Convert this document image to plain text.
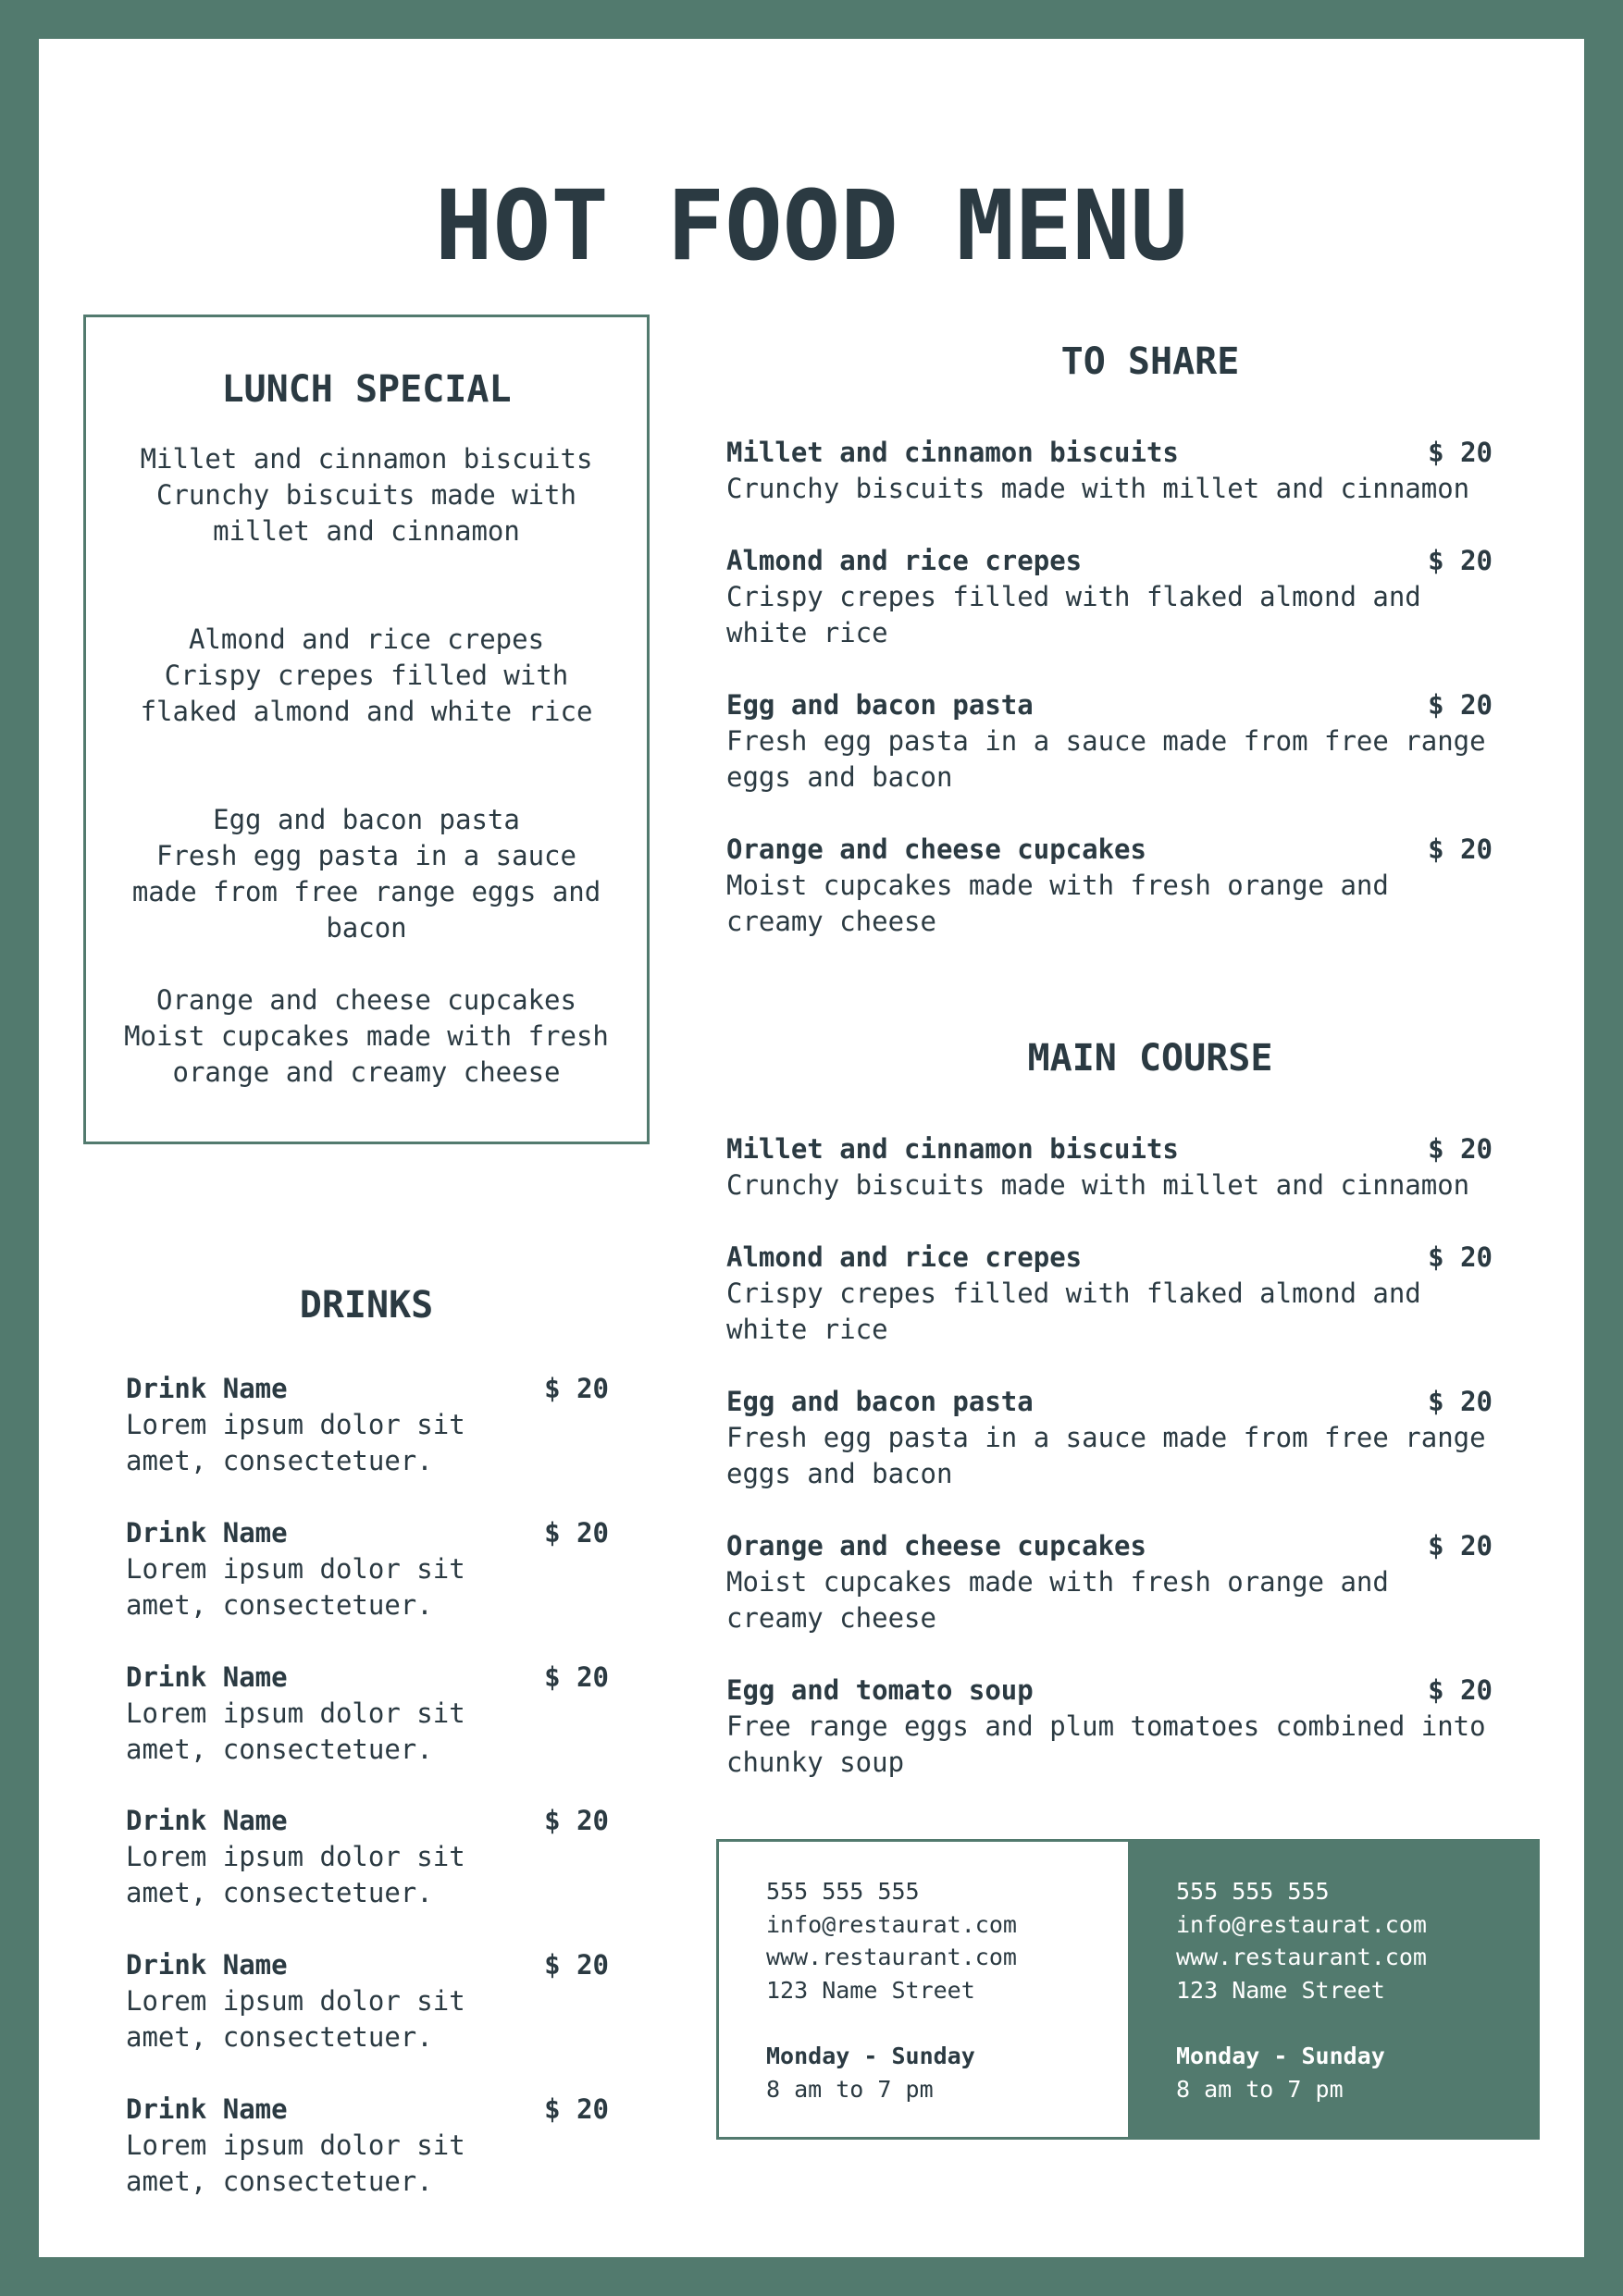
HOT FOOD MENU
LUNCH SPECIAL
Millet and cinnamon biscuits
Crunchy biscuits made with millet and cinnamon
Almond and rice crepes
Crispy crepes filled with flaked almond and white rice
Egg and bacon pasta
Fresh egg pasta in a sauce made from free range eggs and bacon
Orange and cheese cupcakes
Moist cupcakes made with fresh orange and creamy cheese
DRINKS
Drink Name	$ 20
Lorem ipsum dolor sit amet, consectetuer.
Drink Name	$ 20
Lorem ipsum dolor sit amet, consectetuer.
Drink Name	$ 20
Lorem ipsum dolor sit amet, consectetuer.
Drink Name	$ 20
Lorem ipsum dolor sit amet, consectetuer.
Drink Name	$ 20
Lorem ipsum dolor sit amet, consectetuer.
Drink Name	$ 20
Lorem ipsum dolor sit amet, consectetuer.
TO SHARE
Millet and cinnamon biscuits	$ 20
Crunchy biscuits made with millet and cinnamon
Almond and rice crepes	$ 20
Crispy crepes filled with flaked almond and white rice
Egg and bacon pasta	$ 20
Fresh egg pasta in a sauce made from free range eggs and bacon
Orange and cheese cupcakes	$ 20
Moist cupcakes made with fresh orange and creamy cheese
MAIN COURSE
Millet and cinnamon biscuits	$ 20
Crunchy biscuits made with millet and cinnamon
Almond and rice crepes	$ 20
Crispy crepes filled with flaked almond and white rice
Egg and bacon pasta	$ 20
Fresh egg pasta in a sauce made from free range eggs and bacon
Orange and cheese cupcakes	$ 20
Moist cupcakes made with fresh orange and creamy cheese
Egg and tomato soup	$ 20
Free range eggs and plum tomatoes combined into chunky soup
555 555 555
info@restaurat.com
www.restaurant.com
123 Name Street
Monday - Sunday
8 am to 7 pm
555 555 555
info@restaurat.com
www.restaurant.com
123 Name Street
Monday - Sunday
8 am to 7 pm
